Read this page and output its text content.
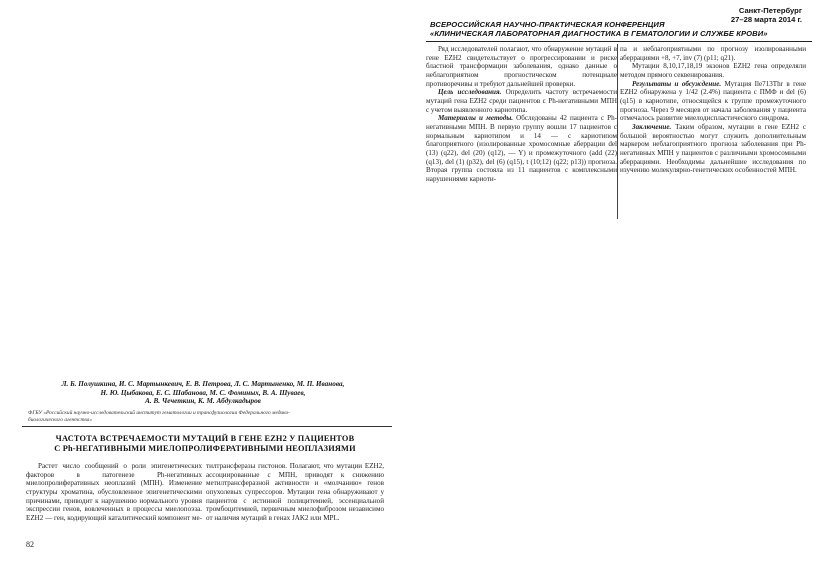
Санкт-Петербург
27–28 марта 2014 г.
ВСЕРОССИЙСКАЯ НАУЧНО-ПРАКТИЧЕСКАЯ КОНФЕРЕНЦИЯ
«КЛИНИЧЕСКАЯ ЛАБОРАТОРНАЯ ДИАГНОСТИКА В ГЕМАТОЛОГИИ И СЛУЖБЕ КРОВИ»

Ряд исследователей полагают, что обнаружение мутаций в гене EZH2 свидетельствует о прогрессировании и риске бластной трансформации заболевания, однако данные о неблагоприятном прогностическом потенциале противоречивы и требуют дальнейшей проверки.

Цель исследования. Определить частоту встречаемости мутаций гена EZH2 среди пациентов с Ph-негативными МПН с учетом выявленного кариотипа.

Материалы и методы. Обследованы 42 пациента с Ph-негативными МПН. В первую группу вошли 17 пациентов с нормальным кариотипом и 14 — с кариотипом благоприятного (изолированные хромосомные аберрации del (13) (q22), del (20) (q12), — Y) и промежуточного (add (22) (q13), del (1) (p32), del (6) (q15), t (10;12) (q22; p13)) прогноза. Вторая группа состояла из 11 пациентов с комплексными нарушениями кариоти-

па и неблагоприятными по прогнозу изолированными аберрациями +8, +7, inv (7) (p11; q21).

Мутации 8,10,17,18,19 экзонов EZH2 гена определяли методом прямого секвенирования.

Результаты и обсуждение. Мутация Ile713Thr в гене EZH2 обнаружена у 1/42 (2.4%) пациента с ПМФ и del (6) (q15) в кариотипе, относящейся к группе промежуточного прогноза. Через 9 месяцев от начала заболевания у пациента отмечалось развитие миелодиспластического синдрома.

Заключение. Таким образом, мутации в гене EZH2 с большой вероятностью могут служить дополнительным маркером неблагоприятного прогноза заболевания при Ph-негативных МПН у пациентов с различными хромосомными аберрациями. Необходимы дальнейшие исследования по изучению молекулярно-генетических особенностей МПН.

Л. Б. Полушкина, И. С. Мартынкевич, Е. В. Петрова, Л. С. Мартыненко, М. П. Иванова,
Н. Ю. Цыбакова, Е. С. Шабанова, М. С. Фоминых, В. А. Шуваев,
А. В. Чечеткин, К. М. Абдулкадыров
ФГБУ «Российский научно-исследовательский институт гематологии и трансфузиологии Федерального медико-биологического агентства»
ЧАСТОТА ВСТРЕЧАЕМОСТИ МУТАЦИЙ В ГЕНЕ EZH2 У ПАЦИЕНТОВ
С Ph-НЕГАТИВНЫМИ МИЕЛОПРОЛИФЕРАТИВНЫМИ НЕОПЛАЗИЯМИ

Растет число сообщений о роли эпигенетических факторов в патогенезе Ph-негативных миелопролиферативных неоплазий (МПН). Изменение структуры хроматина, обусловленное эпигенетическими причинами, приводит к нарушению нормального уровня экспрессии генов, вовлеченных в процессы миелопоэза. EZH2 — ген, кодирующий каталитический компонент ме-

тилтрансферазы гистонов. Полагают, что мутации EZH2, ассоциированные с МПН, приводят к снижению метилтрансферазной активности и «молчанию» генов опухолевых супрессоров. Мутации гена обнаруживают у пациентов с истинной полицитемией, эссенциальной тромбоцитемией, первичным миелофиброзом независимо от наличия мутаций в генах JAK2 или MPL.

82
